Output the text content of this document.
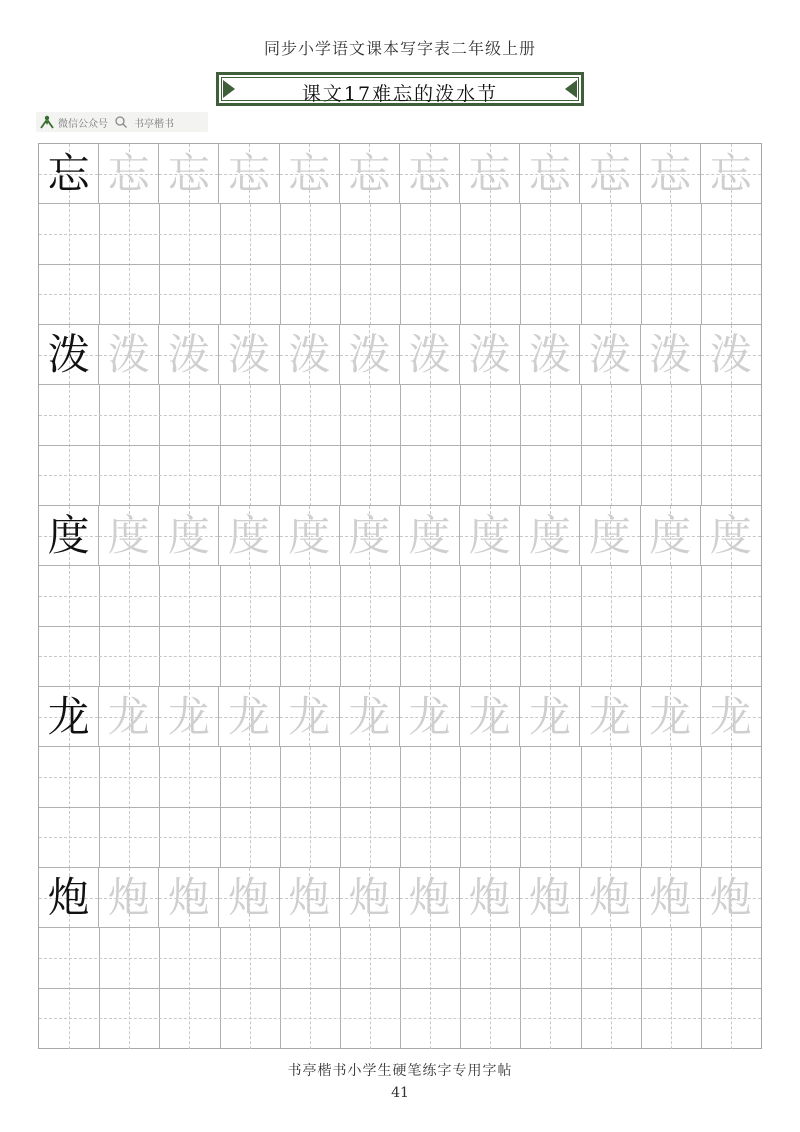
同步小学语文课本写字表二年级上册
课文17难忘的泼水节
微信公众号	书亭楷书
忘 忘 忘 忘 忘 忘 忘 忘 忘 忘 忘 忘
泼 泼 泼 泼 泼 泼 泼 泼 泼 泼 泼 泼
度 度 度 度 度 度 度 度 度 度 度 度
龙 龙 龙 龙 龙 龙 龙 龙 龙 龙 龙 龙
炮 炮 炮 炮 炮 炮 炮 炮 炮 炮 炮 炮
书亭楷书小学生硬笔练字专用字帖
41
